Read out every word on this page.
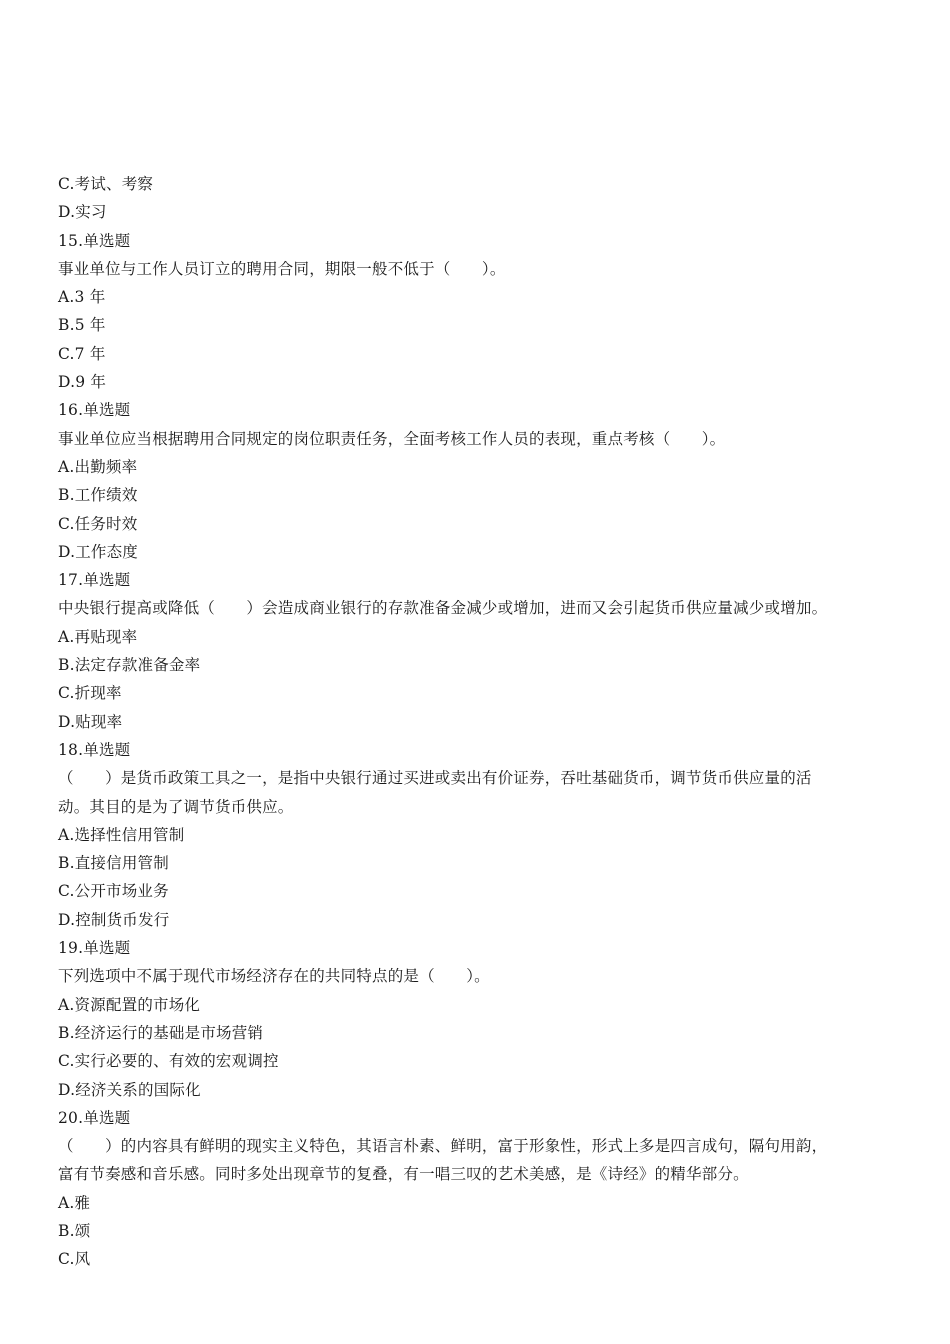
C.考试、考察
D.实习
15.单选题
事业单位与工作人员订立的聘用合同，期限一般不低于（　　）。
A.3 年
B.5 年
C.7 年
D.9 年
16.单选题
事业单位应当根据聘用合同规定的岗位职责任务，全面考核工作人员的表现，重点考核（　　）。
A.出勤频率
B.工作绩效
C.任务时效
D.工作态度
17.单选题
中央银行提高或降低（　　）会造成商业银行的存款准备金减少或增加，进而又会引起货币供应量减少或增加。
A.再贴现率
B.法定存款准备金率
C.折现率
D.贴现率
18.单选题
（　　）是货币政策工具之一，是指中央银行通过买进或卖出有价证券，吞吐基础货币，调节货币供应量的活
动。其目的是为了调节货币供应。
A.选择性信用管制
B.直接信用管制
C.公开市场业务
D.控制货币发行
19.单选题
下列选项中不属于现代市场经济存在的共同特点的是（　　）。
A.资源配置的市场化
B.经济运行的基础是市场营销
C.实行必要的、有效的宏观调控
D.经济关系的国际化
20.单选题
（　　）的内容具有鲜明的现实主义特色，其语言朴素、鲜明，富于形象性，形式上多是四言成句，隔句用韵，
富有节奏感和音乐感。同时多处出现章节的复叠，有一唱三叹的艺术美感，是《诗经》的精华部分。
A.雅
B.颂
C.风
